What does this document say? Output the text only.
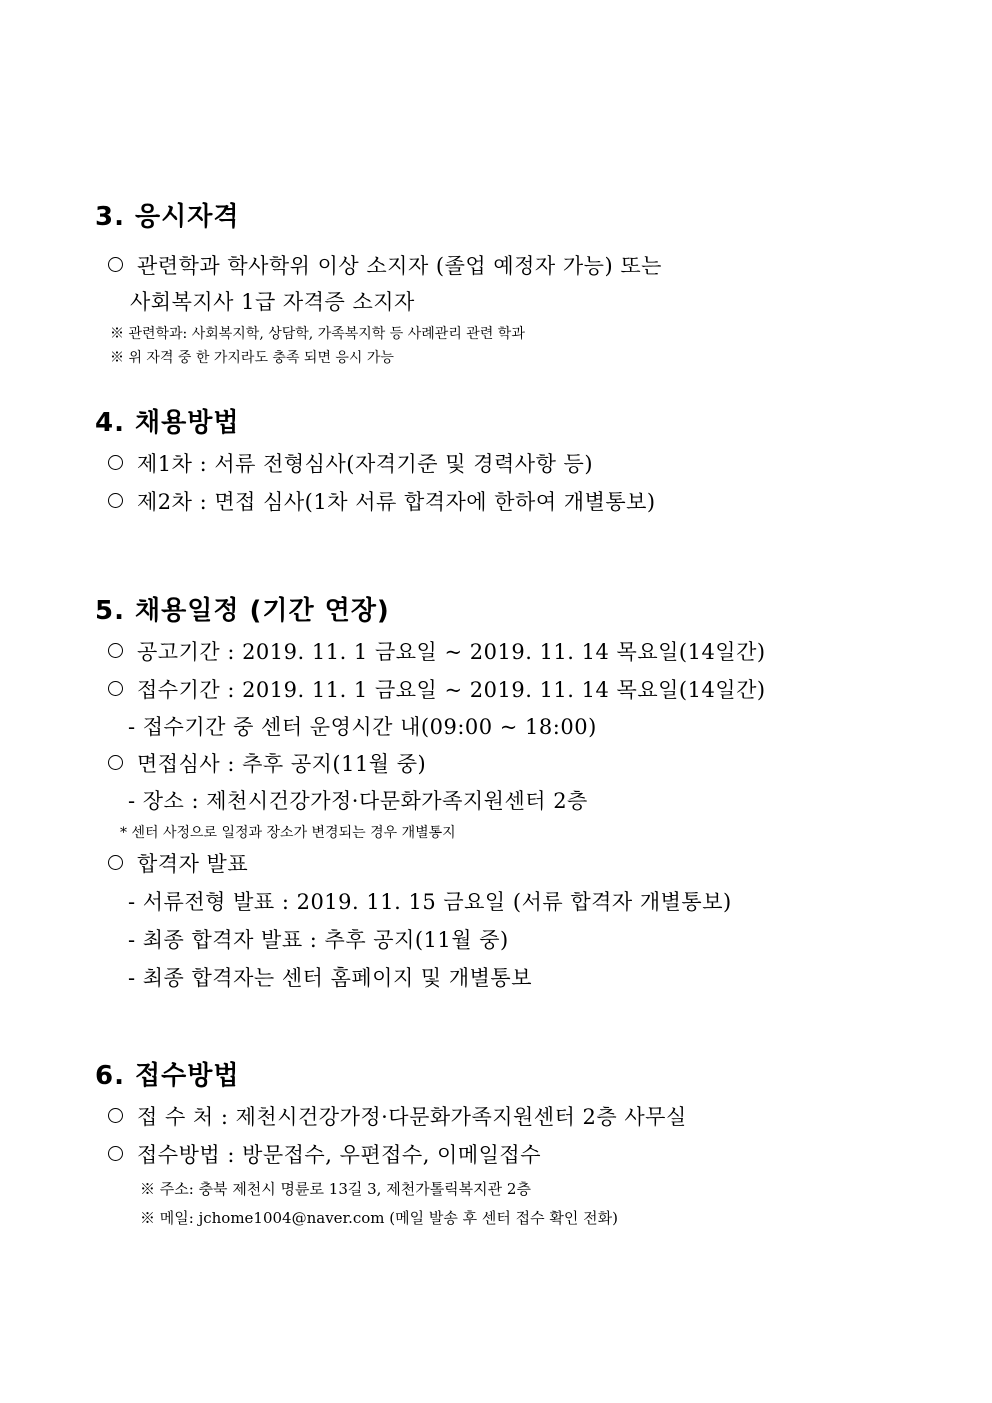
3. 응시자격
관련학과 학사학위 이상 소지자 (졸업 예정자 가능) 또는
사회복지사 1급 자격증 소지자
※ 관련학과: 사회복지학, 상담학, 가족복지학 등 사례관리 관련 학과
※ 위 자격 중 한 가지라도 충족 되면 응시 가능
4. 채용방법
제1차 : 서류 전형심사(자격기준 및 경력사항 등)
제2차 : 면접 심사(1차 서류 합격자에 한하여 개별통보)
5. 채용일정 (기간 연장)
공고기간 : 2019. 11. 1 금요일 ~ 2019. 11. 14 목요일(14일간)
접수기간 : 2019. 11. 1 금요일 ~ 2019. 11. 14 목요일(14일간)
- 접수기간 중 센터 운영시간 내(09:00 ~ 18:00)
면접심사 : 추후 공지(11월 중)
- 장소 : 제천시건강가정·다문화가족지원센터 2층
* 센터 사정으로 일정과 장소가 변경되는 경우 개별통지
합격자 발표
- 서류전형 발표 : 2019. 11. 15 금요일 (서류 합격자 개별통보)
- 최종 합격자 발표 : 추후 공지(11월 중)
- 최종 합격자는 센터 홈페이지 및 개별통보
6. 접수방법
접 수 처 : 제천시건강가정·다문화가족지원센터 2층 사무실
접수방법 : 방문접수, 우편접수, 이메일접수
※ 주소: 충북 제천시 명륜로 13길 3, 제천가톨릭복지관 2층
※ 메일: jchome1004@naver.com (메일 발송 후 센터 접수 확인 전화)
